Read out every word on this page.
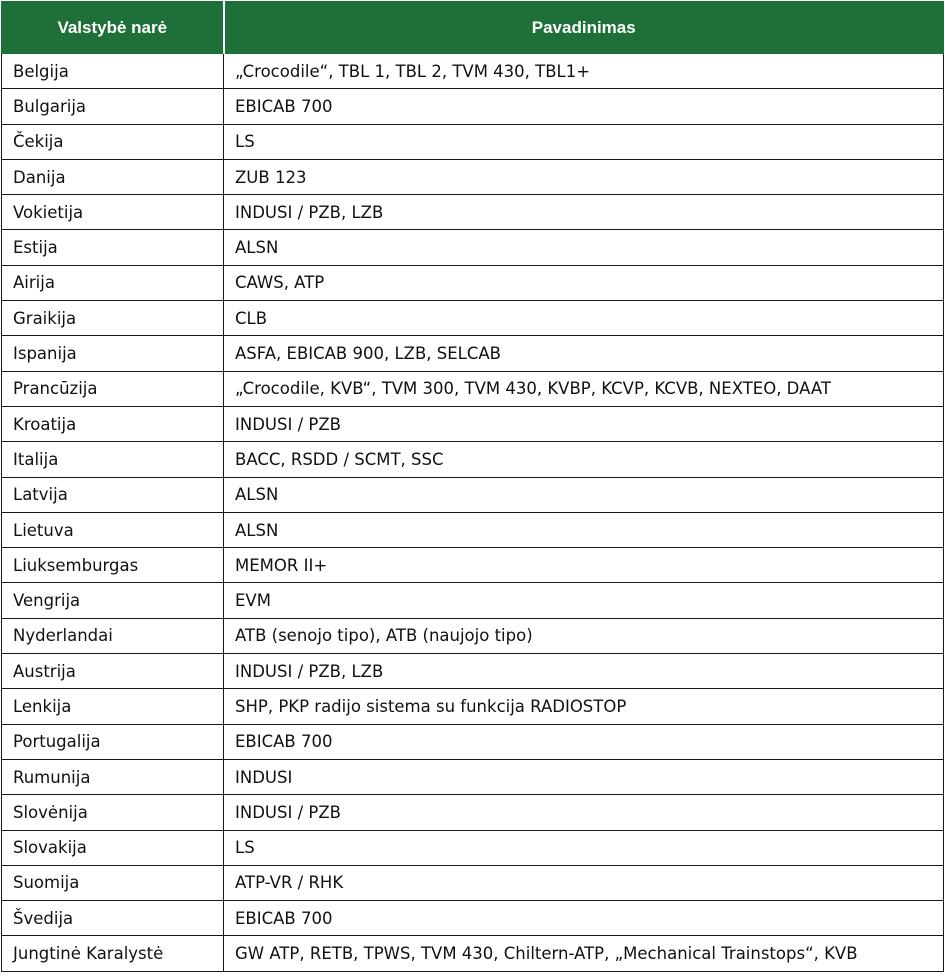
Valstybė narė	Pavadinimas
Belgija	„Crocodile“, TBL 1, TBL 2, TVM 430, TBL1+
Bulgarija	EBICAB 700
Čekija	LS
Danija	ZUB 123
Vokietija	INDUSI / PZB, LZB
Estija	ALSN
Airija	CAWS, ATP
Graikija	CLB
Ispanija	ASFA, EBICAB 900, LZB, SELCAB
Prancūzija	„Crocodile, KVB“, TVM 300, TVM 430, KVBP, KCVP, KCVB, NEXTEO, DAAT
Kroatija	INDUSI / PZB
Italija	BACC, RSDD / SCMT, SSC
Latvija	ALSN
Lietuva	ALSN
Liuksemburgas	MEMOR II+
Vengrija	EVM
Nyderlandai	ATB (senojo tipo), ATB (naujojo tipo)
Austrija	INDUSI / PZB, LZB
Lenkija	SHP, PKP radijo sistema su funkcija RADIOSTOP
Portugalija	EBICAB 700
Rumunija	INDUSI
Slovėnija	INDUSI / PZB
Slovakija	LS
Suomija	ATP-VR / RHK
Švedija	EBICAB 700
Jungtinė Karalystė	GW ATP, RETB, TPWS, TVM 430, Chiltern-ATP, „Mechanical Trainstops“, KVB
